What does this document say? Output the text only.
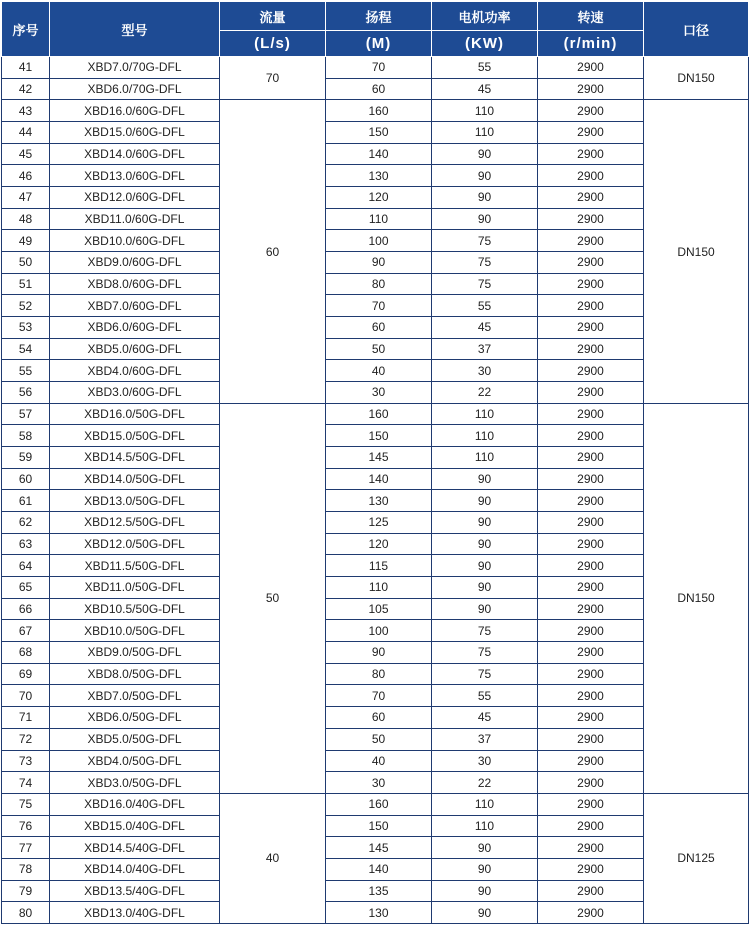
序号	型号	流量	扬程	电机功率	转速	口径
		(L/s)	(M)	(KW)	(r/min)	
41	XBD7.0/70G-DFL	70	70	55	2900	DN150
42	XBD6.0/70G-DFL		60	45	2900	
43	XBD16.0/60G-DFL	60	160	110	2900	DN150
44	XBD15.0/60G-DFL		150	110	2900	
45	XBD14.0/60G-DFL		140	90	2900	
46	XBD13.0/60G-DFL		130	90	2900	
47	XBD12.0/60G-DFL		120	90	2900	
48	XBD11.0/60G-DFL		110	90	2900	
49	XBD10.0/60G-DFL		100	75	2900	
50	XBD9.0/60G-DFL		90	75	2900	
51	XBD8.0/60G-DFL		80	75	2900	
52	XBD7.0/60G-DFL		70	55	2900	
53	XBD6.0/60G-DFL		60	45	2900	
54	XBD5.0/60G-DFL		50	37	2900	
55	XBD4.0/60G-DFL		40	30	2900	
56	XBD3.0/60G-DFL		30	22	2900	
57	XBD16.0/50G-DFL	50	160	110	2900	DN150
58	XBD15.0/50G-DFL		150	110	2900	
59	XBD14.5/50G-DFL		145	110	2900	
60	XBD14.0/50G-DFL		140	90	2900	
61	XBD13.0/50G-DFL		130	90	2900	
62	XBD12.5/50G-DFL		125	90	2900	
63	XBD12.0/50G-DFL		120	90	2900	
64	XBD11.5/50G-DFL		115	90	2900	
65	XBD11.0/50G-DFL		110	90	2900	
66	XBD10.5/50G-DFL		105	90	2900	
67	XBD10.0/50G-DFL		100	75	2900	
68	XBD9.0/50G-DFL		90	75	2900	
69	XBD8.0/50G-DFL		80	75	2900	
70	XBD7.0/50G-DFL		70	55	2900	
71	XBD6.0/50G-DFL		60	45	2900	
72	XBD5.0/50G-DFL		50	37	2900	
73	XBD4.0/50G-DFL		40	30	2900	
74	XBD3.0/50G-DFL		30	22	2900	
75	XBD16.0/40G-DFL	40	160	110	2900	DN125
76	XBD15.0/40G-DFL		150	110	2900	
77	XBD14.5/40G-DFL		145	90	2900	
78	XBD14.0/40G-DFL		140	90	2900	
79	XBD13.5/40G-DFL		135	90	2900	
80	XBD13.0/40G-DFL		130	90	2900	
